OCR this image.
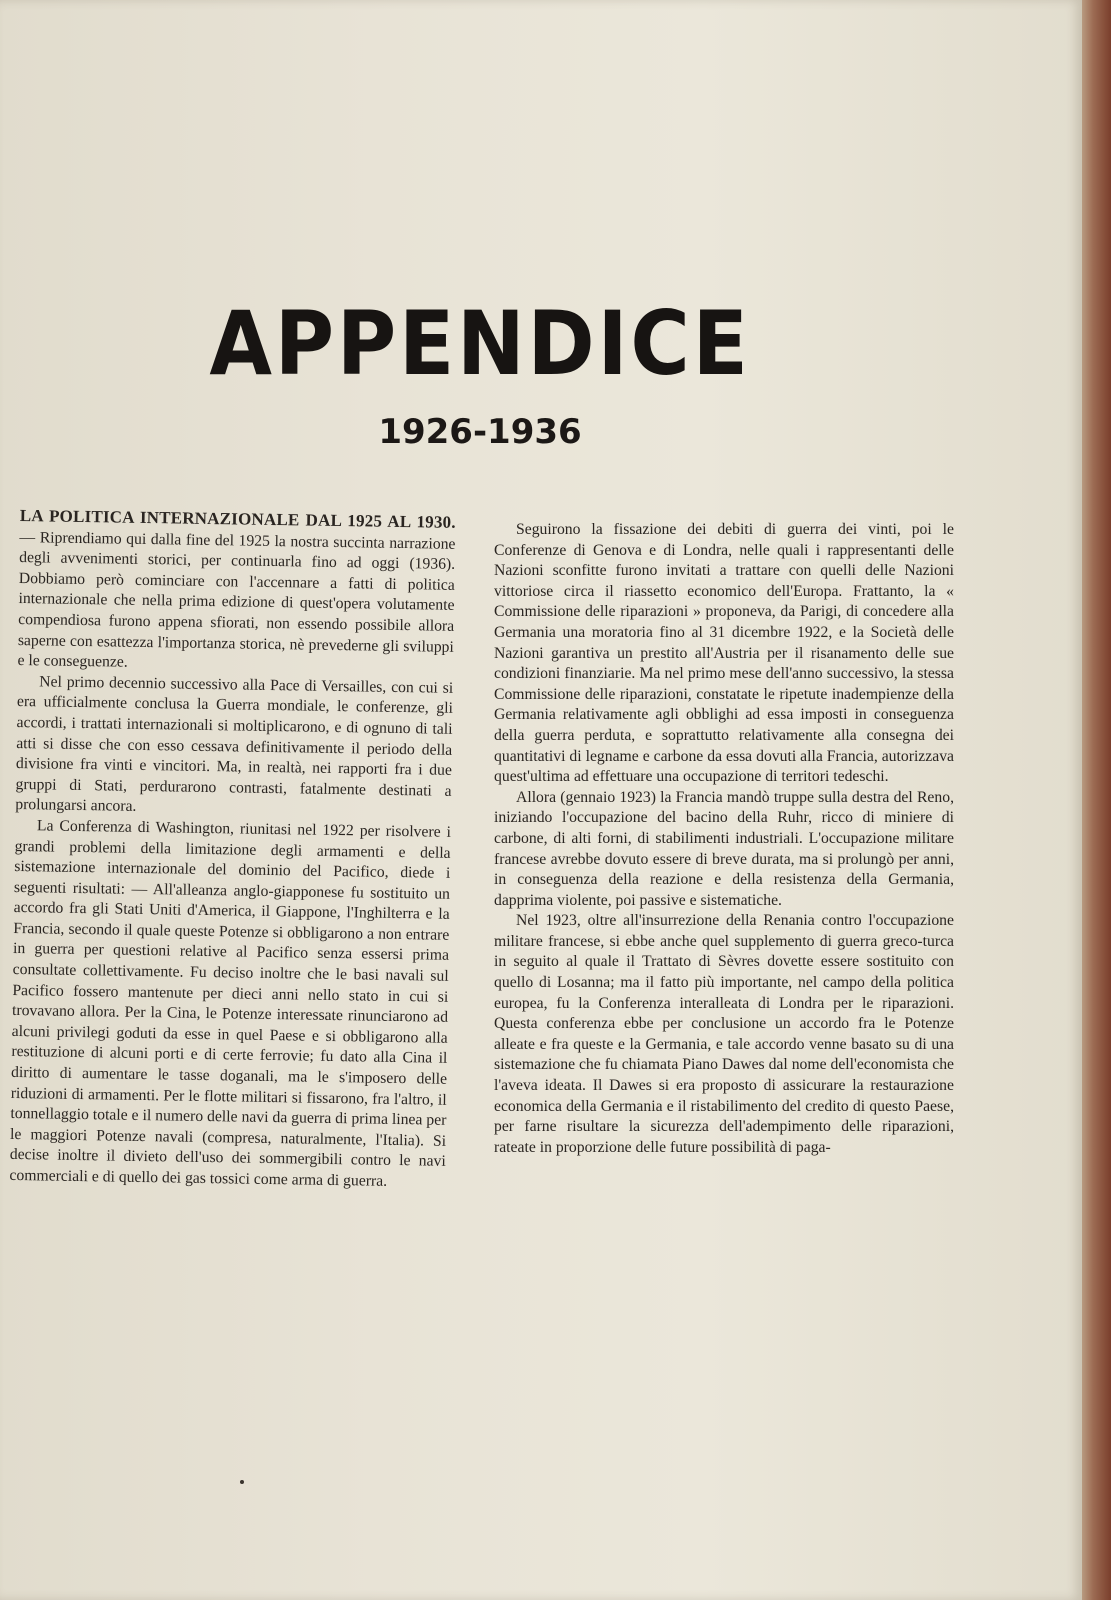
APPENDICE
1926-1936

LA POLITICA INTERNAZIONALE DAL 1925 AL 1930. — Riprendiamo qui dalla fine del 1925 la nostra succinta narrazione degli avvenimenti storici, per continuarla fino ad oggi (1936). Dobbiamo però cominciare con l'accennare a fatti di politica internazionale che nella prima edizione di quest'opera volutamente compendiosa furono appena sfiorati, non essendo possibile allora saperne con esattezza l'importanza storica, nè prevederne gli sviluppi e le conseguenze.

Nel primo decennio successivo alla Pace di Versailles, con cui si era ufficialmente conclusa la Guerra mondiale, le conferenze, gli accordi, i trattati internazionali si moltiplicarono, e di ognuno di tali atti si disse che con esso cessava definitivamente il periodo della divisione fra vinti e vincitori. Ma, in realtà, nei rapporti fra i due gruppi di Stati, perdurarono contrasti, fatalmente destinati a prolungarsi ancora.

La Conferenza di Washington, riunitasi nel 1922 per risolvere i grandi problemi della limitazione degli armamenti e della sistemazione internazionale del dominio del Pacifico, diede i seguenti risultati: — All'alleanza anglo-giapponese fu sostituito un accordo fra gli Stati Uniti d'America, il Giappone, l'Inghilterra e la Francia, secondo il quale queste Potenze si obbligarono a non entrare in guerra per questioni relative al Pacifico senza essersi prima consultate collettivamente. Fu deciso inoltre che le basi navali sul Pacifico fossero mantenute per dieci anni nello stato in cui si trovavano allora. Per la Cina, le Potenze interessate rinunciarono ad alcuni privilegi goduti da esse in quel Paese e si obbligarono alla restituzione di alcuni porti e di certe ferrovie; fu dato alla Cina il diritto di aumentare le tasse doganali, ma le s'imposero delle riduzioni di armamenti. Per le flotte militari si fissarono, fra l'altro, il tonnellaggio totale e il numero delle navi da guerra di prima linea per le maggiori Potenze navali (compresa, naturalmente, l'Italia). Si decise inoltre il divieto dell'uso dei sommergibili contro le navi commerciali e di quello dei gas tossici come arma di guerra.

Seguirono la fissazione dei debiti di guerra dei vinti, poi le Conferenze di Genova e di Londra, nelle quali i rappresentanti delle Nazioni sconfitte furono invitati a trattare con quelli delle Nazioni vittoriose circa il riassetto economico dell'Europa. Frattanto, la « Commissione delle riparazioni » proponeva, da Parigi, di concedere alla Germania una moratoria fino al 31 dicembre 1922, e la Società delle Nazioni garantiva un prestito all'Austria per il risanamento delle sue condizioni finanziarie. Ma nel primo mese dell'anno successivo, la stessa Commissione delle riparazioni, constatate le ripetute inadempienze della Germania relativamente agli obblighi ad essa imposti in conseguenza della guerra perduta, e soprattutto relativamente alla consegna dei quantitativi di legname e carbone da essa dovuti alla Francia, autorizzava quest'ultima ad effettuare una occupazione di territori tedeschi.

Allora (gennaio 1923) la Francia mandò truppe sulla destra del Reno, iniziando l'occupazione del bacino della Ruhr, ricco di miniere di carbone, di alti forni, di stabilimenti industriali. L'occupazione militare francese avrebbe dovuto essere di breve durata, ma si prolungò per anni, in conseguenza della reazione e della resistenza della Germania, dapprima violente, poi passive e sistematiche.

Nel 1923, oltre all'insurrezione della Renania contro l'occupazione militare francese, si ebbe anche quel supplemento di guerra greco-turca in seguito al quale il Trattato di Sèvres dovette essere sostituito con quello di Losanna; ma il fatto più importante, nel campo della politica europea, fu la Conferenza interalleata di Londra per le riparazioni. Questa conferenza ebbe per conclusione un accordo fra le Potenze alleate e fra queste e la Germania, e tale accordo venne basato su di una sistemazione che fu chiamata Piano Dawes dal nome dell'economista che l'aveva ideata. Il Dawes si era proposto di assicurare la restaurazione economica della Germania e il ristabilimento del credito di questo Paese, per farne risultare la sicurezza dell'adempimento delle riparazioni, rateate in proporzione delle future possibilità di paga-
